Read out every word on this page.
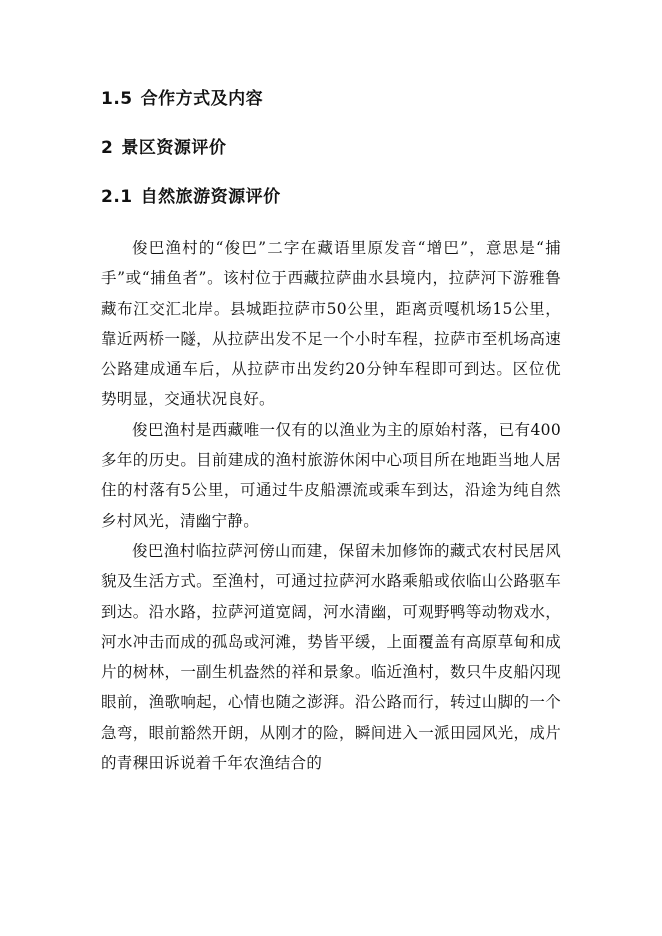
1.5 合作方式及内容
2 景区资源评价
2.1 自然旅游资源评价

俊巴渔村的“俊巴”二字在藏语里原发音“增巴”，意思是“捕手”或“捕鱼者”。该村位于西藏拉萨曲水县境内，拉萨河下游雅鲁藏布江交汇北岸。县城距拉萨市50公里，距离贡嘎机场15公里，靠近两桥一隧，从拉萨出发不足一个小时车程，拉萨市至机场高速公路建成通车后，从拉萨市出发约20分钟车程即可到达。区位优势明显，交通状况良好。

俊巴渔村是西藏唯一仅有的以渔业为主的原始村落，已有400多年的历史。目前建成的渔村旅游休闲中心项目所在地距当地人居住的村落有5公里，可通过牛皮船漂流或乘车到达，沿途为纯自然乡村风光，清幽宁静。

俊巴渔村临拉萨河傍山而建，保留未加修饰的藏式农村民居风貌及生活方式。至渔村，可通过拉萨河水路乘船或依临山公路驱车到达。沿水路，拉萨河道宽阔，河水清幽，可观野鸭等动物戏水，河水冲击而成的孤岛或河滩，势皆平缓，上面覆盖有高原草甸和成片的树林，一副生机盎然的祥和景象。临近渔村，数只牛皮船闪现眼前，渔歌响起，心情也随之澎湃。沿公路而行，转过山脚的一个急弯，眼前豁然开朗，从刚才的险，瞬间进入一派田园风光，成片的青稞田诉说着千年农渔结合的
